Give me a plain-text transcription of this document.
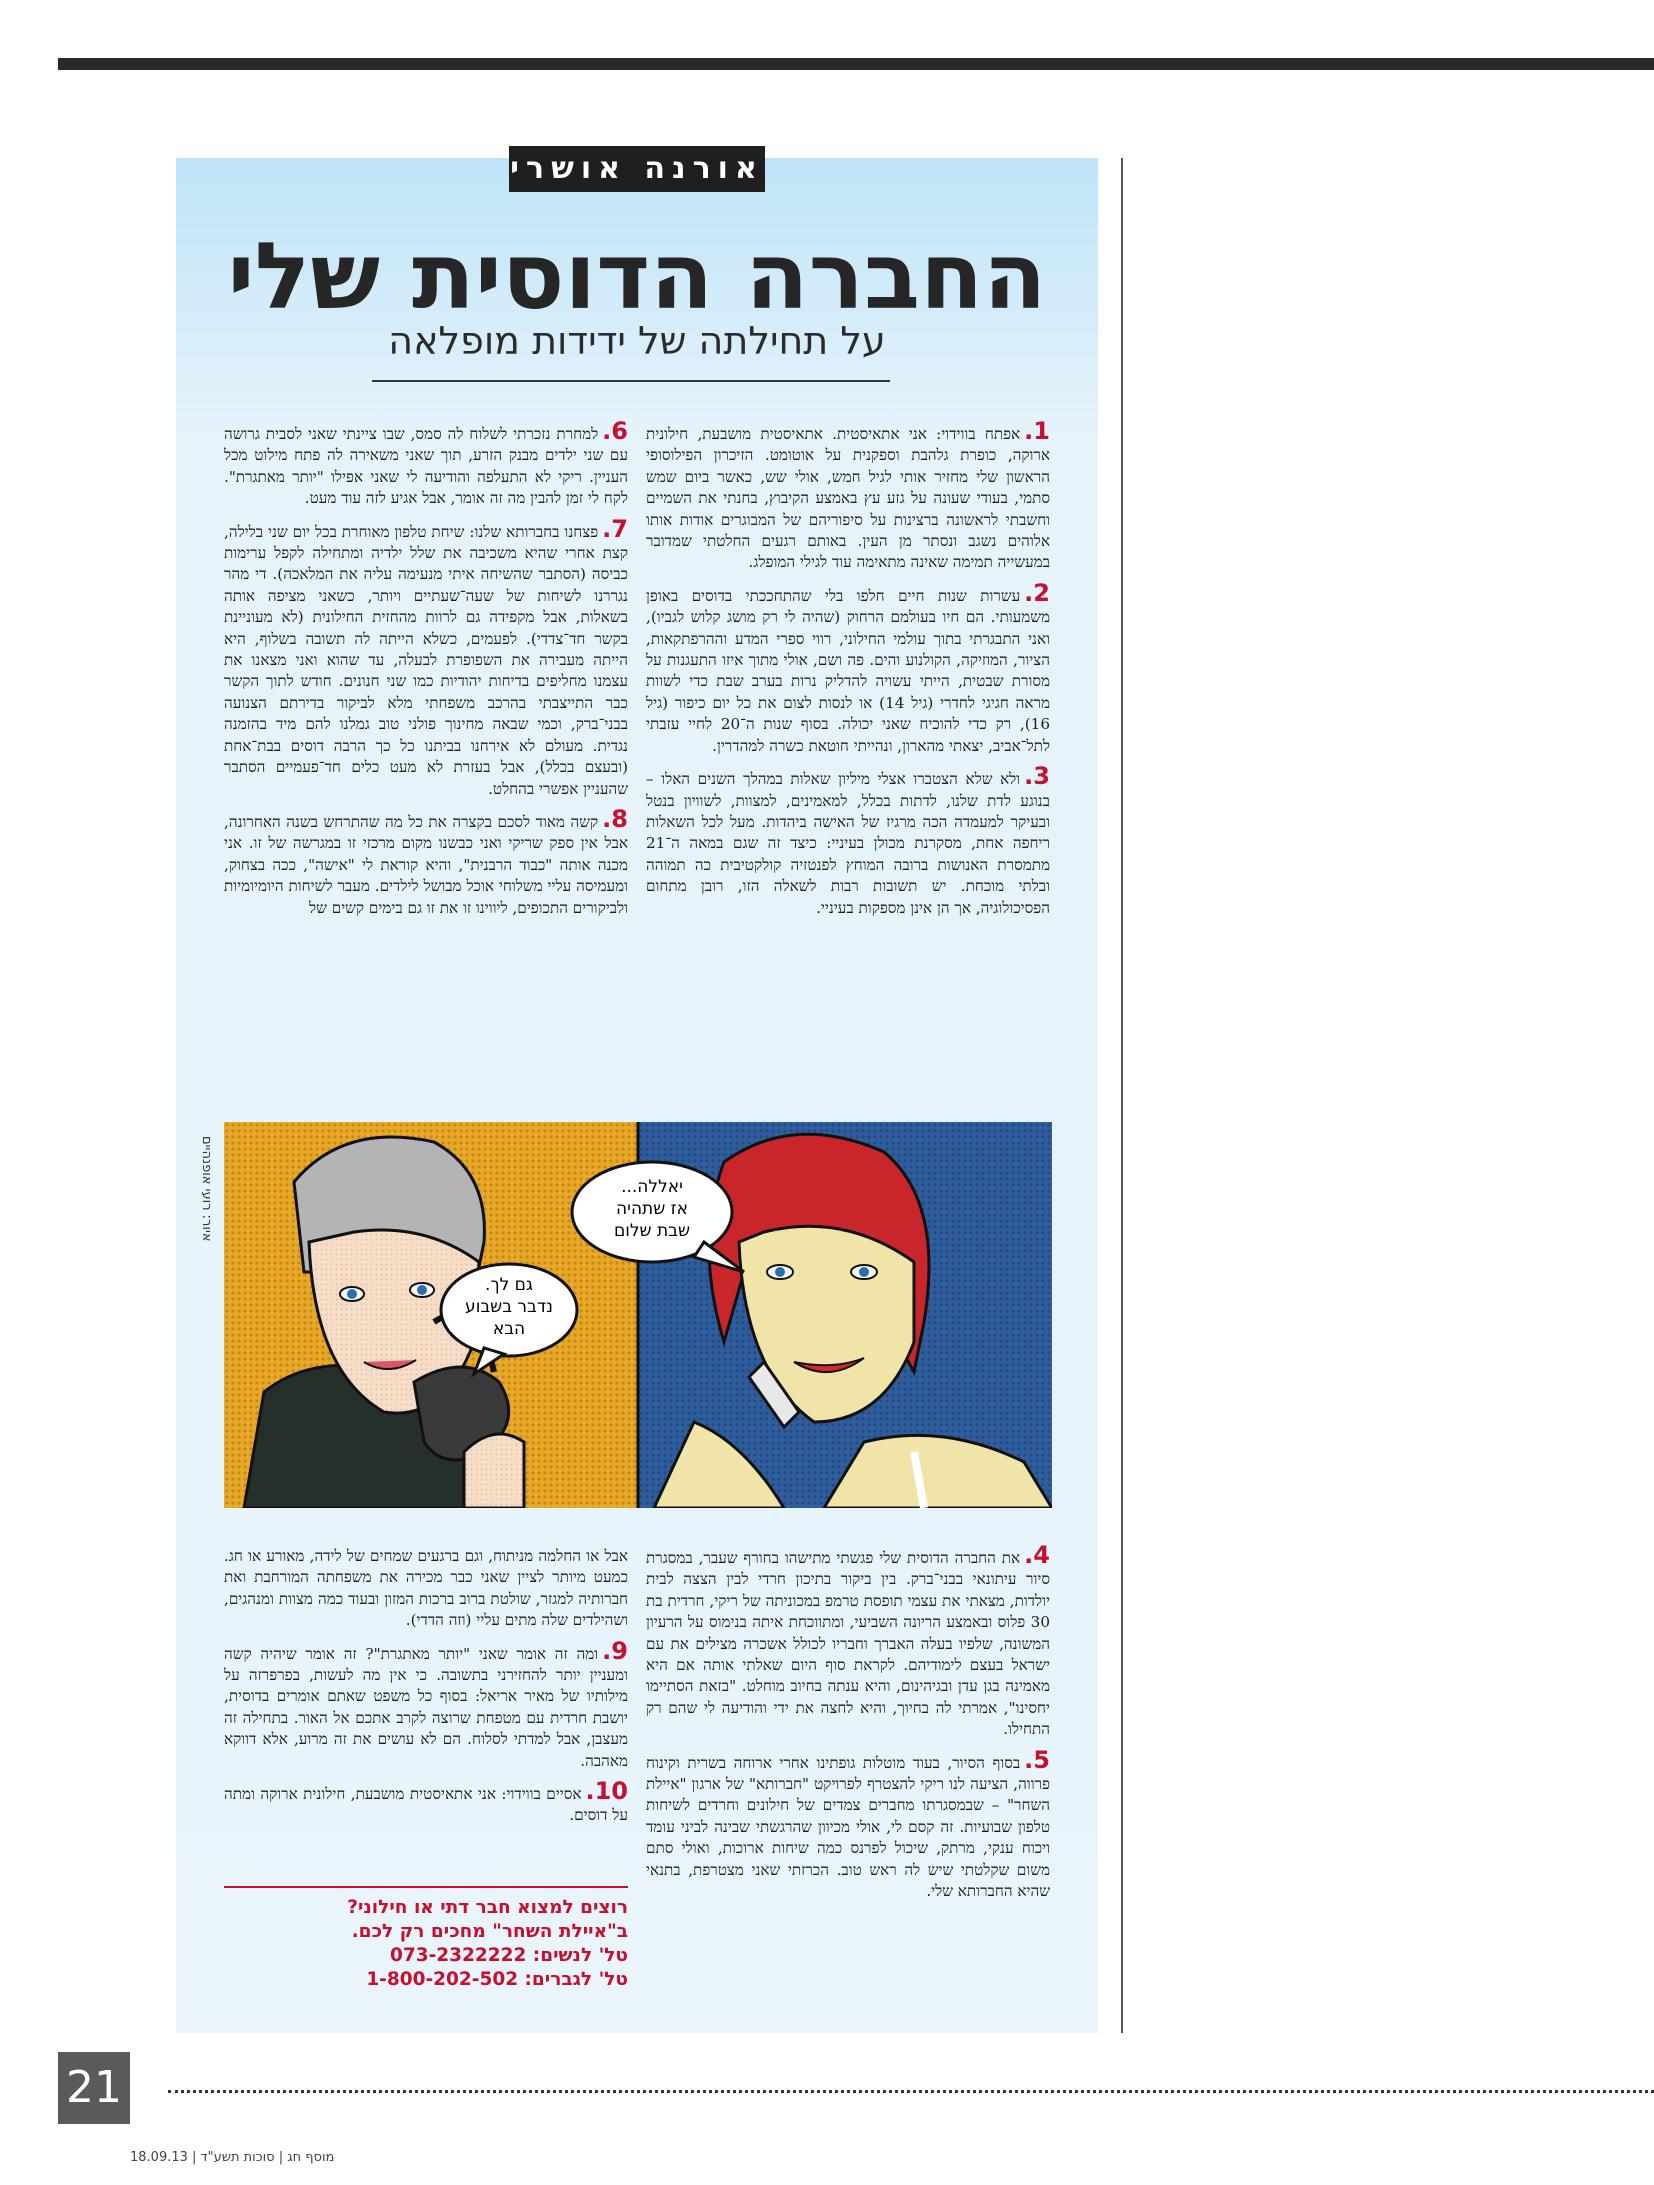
אורנה אושרי
החברה הדוסית שלי
על תחילתה של ידידות מופלאה

1.אפתח בווידוי: אני אתאיסטית. אתאיסטית מושבעת, חילונית ארוקה, כופרת גלהבת וספקנית על אוטומט. הזיכרון הפילוסופי הראשון שלי מחזיר אותי לגיל חמש, אולי שש, כאשר ביום שמש סתמי, בעודי שעונה על גזע עץ באמצע הקיבוץ, בחנתי את השמיים וחשבתי לראשונה ברצינות על סיפוריהם של המבוגרים אודות אותו אלוהים נשגב ונסתר מן העין. באותם רגעים החלטתי שמדובר במעשייה תמימה שאינה מתאימה עוד לגילי המופלג.

2.עשרות שנות חיים חלפו בלי שהתחככתי בדוסים באופן משמעותי. הם חיו בעולמם הרחוק (שהיה לי רק מושג קלוש לגביו), ואני התבגרתי בתוך עולמי החילוני, רווי ספרי המדע וההרפתקאות, הציור, המוזיקה, הקולנוע והים. פה ושם, אולי מתוך איזו התעגנות על מסורת שבטית, הייתי עשויה להדליק נרות בערב שבת כדי לשוות מראה חגיגי לחדרי (גיל 14) או לנסות לצום את כל יום כיפור (גיל 16), רק כדי להוכיח שאני יכולה. בסוף שנות ה־20 לחיי עזבתי לתל־אביב, יצאתי מהארון, ונהייתי חוטאת כשרה למהדרין.

3.ולא שלא הצטברו אצלי מיליון שאלות במהלך השנים האלו – בנוגע לדת שלנו, לדתות בכלל, למאמינים, למצוות, לשוויון בנטל ובעיקר למעמדה הכה מרגיז של האישה ביהדות. מעל לכל השאלות ריחפה אחת, מסקרנת מכולן בעיניי: כיצד זה שגם במאה ה־21 מתמסרת האנושות ברובה המוחץ לפנטזיה קולקטיבית כה תמוהה ובלתי מוכחת. יש תשובות רבות לשאלה הזו, רובן מתחום הפסיכולוגיה, אך הן אינן מספקות בעיניי.

6.למחרת נזכרתי לשלוח לה סמס, שבו ציינתי שאני לסבית גרושה עם שני ילדים מבנק הזרע, תוך שאני משאירה לה פתח מילוט מכל העניין. ריקי לא התעלפה והודיעה לי שאני אפילו "יותר מאתגרת". לקח לי זמן להבין מה זה אומר, אבל אגיע לזה עוד מעט.

7.פצחנו בחברותא שלנו: שיחת טלפון מאוחרת בכל יום שני בלילה, קצת אחרי שהיא משכיבה את שלל ילדיה ומתחילה לקפל ערימות כביסה (הסתבר שהשיחה איתי מנעימה עליה את המלאכה). די מהר נגררנו לשיחות של שעה־שעתיים ויותר, כשאני מציפה אותה בשאלות, אבל מקפידה גם לרוות מהחזית החילונית (לא מעוניינת בקשר חד־צדדי). לפעמים, כשלא הייתה לה תשובה בשלוף, היא הייתה מעבירה את השפופרת לבעלה, עד שהוא ואני מצאנו את עצמנו מחליפים בדיחות יהודיות כמו שני חנונים. חודש לתוך הקשר כבר התייצבתי בהרכב משפחתי מלא לביקור בדירתם הצנועה בבני־ברק, וכמי שבאה מחינוך פולני טוב גמלנו להם מיד בהזמנה נגדית. מעולם לא אירחנו בביתנו כל כך הרבה דוסים בבת־אחת (ובעצם בכלל), אבל בעזרת לא מעט כלים חד־פעמיים הסתבר שהעניין אפשרי בהחלט.

8.קשה מאוד לסכם בקצרה את כל מה שהתרחש בשנה האחרונה, אבל אין ספק שריקי ואני כבשנו מקום מרכזי זו במגרשה של זו. אני מכנה אותה "כבוד הרבנית", והיא קוראת לי "אישה", ככה בצחוק, ומעמיסה עליי משלוחי אוכל מבושל לילדים. מעבר לשיחות היומיומיות ולביקורים התכופים, ליווינו זו את זו גם בימים קשים של

איור: רועי אופנהיים
גם לך.
נדבר בשבוע
הבא
יאללה...
אז שתהיה
שבת שלום

4.את החברה הדוסית שלי פגשתי מתישהו בחורף שעבר, במסגרת סיור עיתונאי בבני־ברק. בין ביקור בתיכון חרדי לבין הצצה לבית יולדות, מצאתי את עצמי תופסת טרמפ במכוניתה של ריקי, חרדית בת 30 פלוס ובאמצע הריונה השביעי, ומתווכחת איתה בנימוס על הרעיון המשונה, שלפיו בעלה האברך וחבריו לכולל אשכרה מצילים את עם ישראל בעצם לימודיהם. לקראת סוף היום שאלתי אותה אם היא מאמינה בגן עדן ובגיהינום, והיא ענתה בחיוב מוחלט. "בזאת הסתיימו יחסינו", אמרתי לה בחיוך, והיא לחצה את ידי והודיעה לי שהם רק התחילו.

5.בסוף הסיור, בעוד מוטלות גופתינו אחרי ארוחה בשרית וקינוח פרווה, הציעה לנו ריקי להצטרף לפרויקט "חברותא" של ארגון "איילת השחר" – שבמסגרתו מחברים צמדים של חילונים וחרדים לשיחות טלפון שבועיות. זה קסם לי, אולי מכיוון שהרגשתי שבינה לביני עומד ויכוח ענקי, מרתק, שיכול לפרנס כמה שיחות ארוכות, ואולי סתם משום שקלטתי שיש לה ראש טוב. הכרזתי שאני מצטרפת, בתנאי שהיא החברותא שלי.

אבל או החלמה מניתוח, וגם ברגעים שמחים של לידה, מאורע או חג. כמעט מיותר לציין שאני כבר מכירה את משפחתה המורחבת ואת חברותיה למגזר, שולטת ברוב ברכות המזון ובעוד כמה מצוות ומנהגים, ושהילדים שלה מתים עליי (וזה הדדי).

9.ומה זה אומר שאני "יותר מאתגרת"? זה אומר שיהיה קשה ומעניין יותר להחזירני בתשובה. כי אין מה לעשות, בפרפרזה על מילותיו של מאיר אריאל: בסוף כל משפט שאתם אומרים בדוסית, יושבת חרדית עם מטפחת שרוצה לקרב אתכם אל האור. בתחילה זה מעצבן, אבל למדתי לסלוח. הם לא עושים את זה מרוע, אלא דווקא מאהבה.

10.אסיים בווידוי: אני אתאיסטית מושבעת, חילונית ארוקה ומתה על דוסים.

רוצים למצוא חבר דתי או חילוני?
ב"איילת השחר" מחכים רק לכם.
טל' לנשים: 073-2322222
טל' לגברים: 1-800-202-502
21
מוסף חג | סוכות תשע"ד | 18.09.13
